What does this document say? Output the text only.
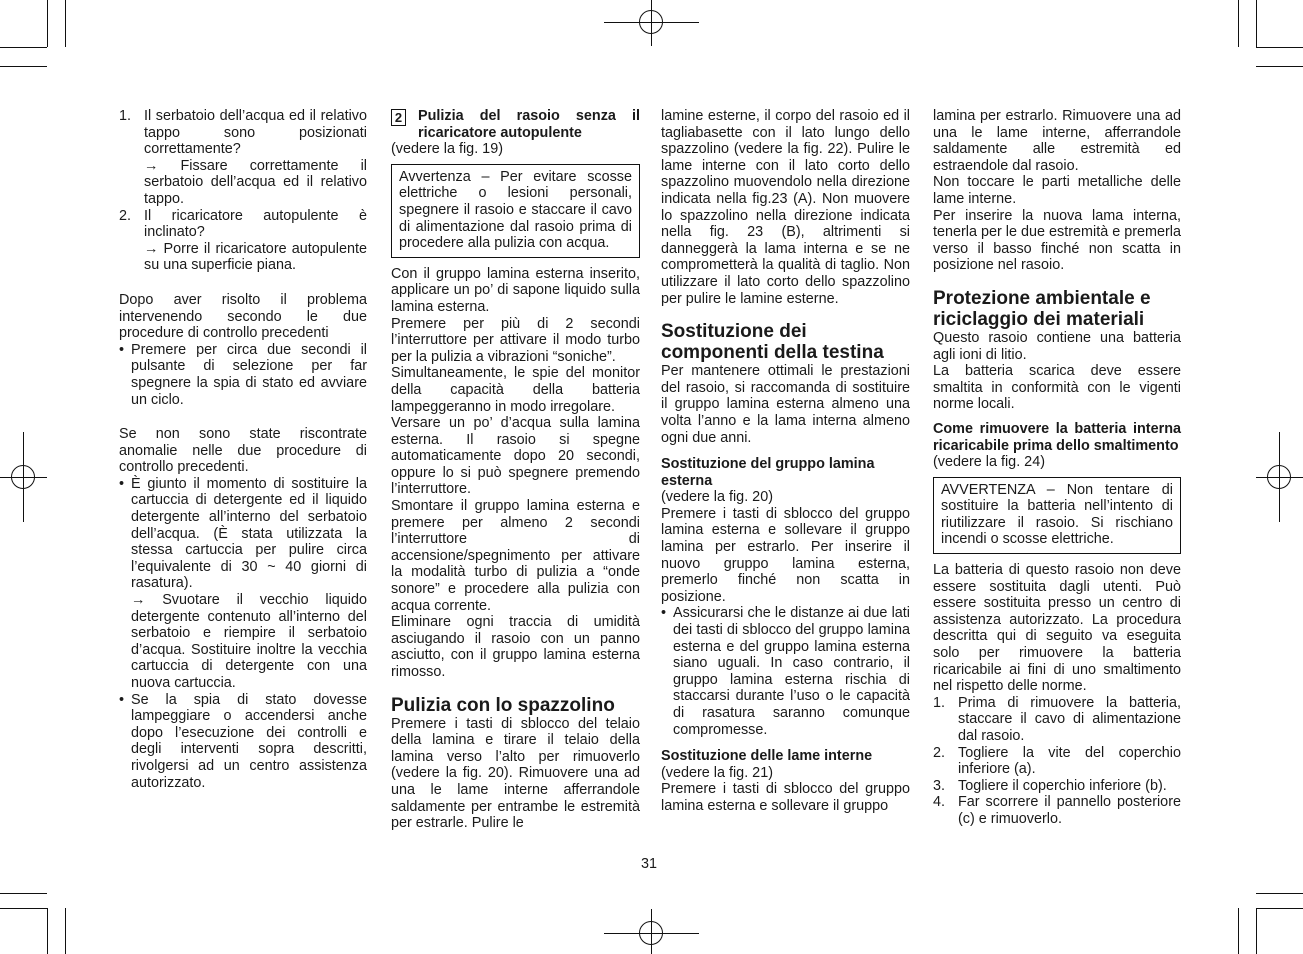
1. Il serbatoio dell’acqua ed il relativo tappo sono posizionati correttamente?

→ Fissare correttamente il serbatoio dell’acqua ed il relativo tappo.

2. Il ricaricatore autopulente è inclinato?

→ Porre il ricaricatore autopulente su una superficie piana.

Dopo aver risolto il problema intervenendo secondo le due procedure di controllo precedenti

• Premere per circa due secondi il pulsante di selezione per far spegnere la spia di stato ed avviare un ciclo.

Se non sono state riscontrate anomalie nelle due procedure di controllo precedenti.

• È giunto il momento di sostituire la cartuccia di detergente ed il liquido detergente all’interno del serbatoio dell’acqua. (È stata utilizzata la stessa cartuccia per pulire circa l’equivalente di 30 ~ 40 giorni di rasatura).

→ Svuotare il vecchio liquido detergente contenuto all’interno del serbatoio e riempire il serbatoio d’acqua. Sostituire inoltre la vecchia cartuccia di detergente con una nuova cartuccia.

• Se la spia di stato dovesse lampeggiare o accendersi anche dopo l’esecuzione dei controlli e degli interventi sopra descritti, rivolgersi ad un centro assistenza autorizzato.
2 Pulizia del rasoio senza il ricaricatore autopulente

(vedere la fig. 19)

Avvertenza – Per evitare scosse elettriche o lesioni personali, spegnere il rasoio e staccare il cavo di alimentazione dal rasoio prima di procedere alla pulizia con acqua.

Con il gruppo lamina esterna inserito, applicare un po’ di sapone liquido sulla lamina esterna.

Premere per più di 2 secondi l’interruttore per attivare il modo turbo per la pulizia a vibrazioni “soniche”.

Simultaneamente, le spie del monitor della capacità della batteria lampeggeranno in modo irregolare.

Versare un po’ d’acqua sulla lamina esterna. Il rasoio si spegne automaticamente dopo 20 secondi, oppure lo si può spegnere premendo l’interruttore.

Smontare il gruppo lamina esterna e premere per almeno 2 secondi l’interruttore di accensione/spegnimento per attivare la modalità turbo di pulizia a “onde sonore” e procedere alla pulizia con acqua corrente.

Eliminare ogni traccia di umidità asciugando il rasoio con un panno asciutto, con il gruppo lamina esterna rimosso.

Pulizia con lo spazzolino

Premere i tasti di sblocco del telaio della lamina e tirare il telaio della lamina verso l’alto per rimuoverlo (vedere la fig. 20). Rimuovere una ad una le lame interne afferrandole saldamente per entrambe le estremità per estrarle. Pulire le

lamine esterne, il corpo del rasoio ed il tagliabasette con il lato lungo dello spazzolino (vedere la fig. 22). Pulire le lame interne con il lato corto dello spazzolino muovendolo nella direzione indicata nella fig.23 (A). Non muovere lo spazzolino nella direzione indicata nella fig. 23 (B), altrimenti si danneggerà la lama interna e se ne comprometterà la qualità di taglio. Non utilizzare il lato corto dello spazzolino per pulire le lamine esterne.

Sostituzione dei componenti della testina

Per mantenere ottimali le prestazioni del rasoio, si raccomanda di sostituire il gruppo lamina esterna almeno una volta l’anno e la lama interna almeno ogni due anni.

Sostituzione del gruppo lamina esterna

(vedere la fig. 20)

Premere i tasti di sblocco del gruppo lamina esterna e sollevare il gruppo lamina per estrarlo. Per inserire il nuovo gruppo lamina esterna, premerlo finché non scatta in posizione.

• Assicurarsi che le distanze ai due lati dei tasti di sblocco del gruppo lamina esterna e del gruppo lamina esterna siano uguali. In caso contrario, il gruppo lamina esterna rischia di staccarsi durante l’uso o le capacità di rasatura saranno comunque compromesse.
Sostituzione delle lame interne

(vedere la fig. 21)

Premere i tasti di sblocco del gruppo lamina esterna e sollevare il gruppo

lamina per estrarlo. Rimuovere una ad una le lame interne, afferrandole saldamente alle estremità ed estraendole dal rasoio.

Non toccare le parti metalliche delle lame interne.

Per inserire la nuova lama interna, tenerla per le due estremità e premerla verso il basso finché non scatta in posizione nel rasoio.

Protezione ambientale e riciclaggio dei materiali

Questo rasoio contiene una batteria agli ioni di litio.

La batteria scarica deve essere smaltita in conformità con le vigenti norme locali.

Come rimuovere la batteria interna ricaricabile prima dello smaltimento

(vedere la fig. 24)

AVVERTENZA – Non tentare di sostituire la batteria nell’intento di riutilizzare il rasoio. Si rischiano incendi o scosse elettriche.

La batteria di questo rasoio non deve essere sostituita dagli utenti. Può essere sostituita presso un centro di assistenza autorizzato. La procedura descritta qui di seguito va eseguita solo per rimuovere la batteria ricaricabile ai fini di uno smaltimento nel rispetto delle norme.

1. Prima di rimuovere la batteria, staccare il cavo di alimentazione dal rasoio.
2. Togliere la vite del coperchio inferiore (a).
3. Togliere il coperchio inferiore (b).
4. Far scorrere il pannello posteriore (c) e rimuoverlo.
31
